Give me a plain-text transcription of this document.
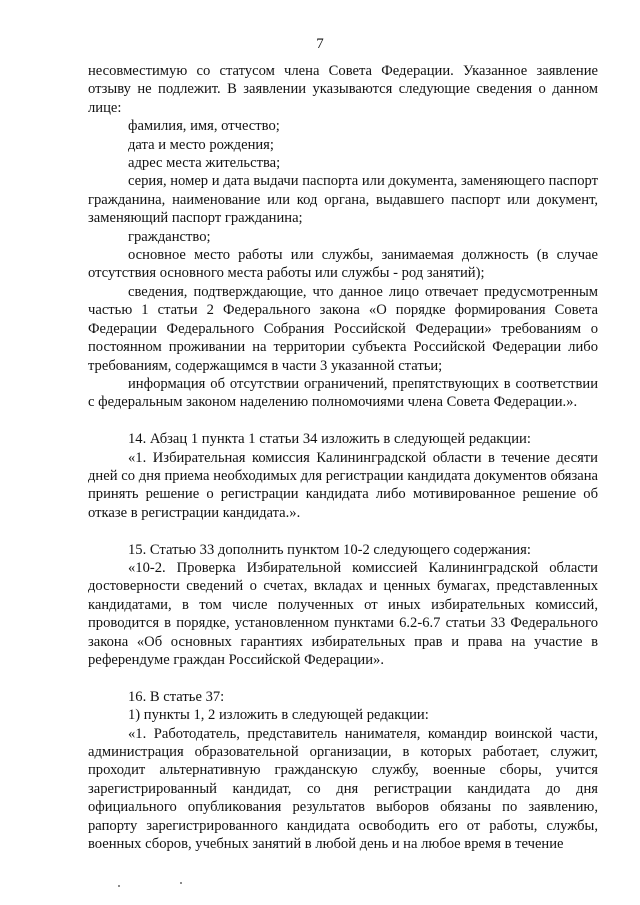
7

несовместимую со статусом члена Совета Федерации. Указанное заявление отзыву не подлежит. В заявлении указываются следующие сведения о данном лице:

фамилия, имя, отчество;

дата и место рождения;

адрес места жительства;

серия, номер и дата выдачи паспорта или документа, заменяющего паспорт гражданина, наименование или код органа, выдавшего паспорт или документ, заменяющий паспорт гражданина;

гражданство;

основное место работы или службы, занимаемая должность (в случае отсутствия основного места работы или службы - род занятий);

сведения, подтверждающие, что данное лицо отвечает предусмотренным частью 1 статьи 2 Федерального закона «О порядке формирования Совета Федерации Федерального Собрания Российской Федерации» требованиям о постоянном проживании на территории субъекта Российской Федерации либо требованиям, содержащимся в части 3 указанной статьи;

информация об отсутствии ограничений, препятствующих в соответствии с федеральным законом наделению полномочиями члена Совета Федерации.».

14. Абзац 1 пункта 1 статьи 34 изложить в следующей редакции:

«1. Избирательная комиссия Калининградской области в течение десяти дней со дня приема необходимых для регистрации кандидата документов обязана принять решение о регистрации кандидата либо мотивированное решение об отказе в регистрации кандидата.».

15. Статью 33 дополнить пунктом 10-2 следующего содержания:

«10-2. Проверка Избирательной комиссией Калининградской области достоверности сведений о счетах, вкладах и ценных бумагах, представленных кандидатами, в том числе полученных от иных избирательных комиссий, проводится в порядке, установленном пунктами 6.2-6.7 статьи 33 Федерального закона «Об основных гарантиях избирательных прав и права на участие в референдуме граждан Российской Федерации».

16. В статье 37:

1) пункты 1, 2 изложить в следующей редакции:

«1. Работодатель, представитель нанимателя, командир воинской части, администрация образовательной организации, в которых работает, служит, проходит альтернативную гражданскую службу, военные сборы, учится зарегистрированный кандидат, со дня регистрации кандидата до дня официального опубликования результатов выборов обязаны по заявлению, рапорту зарегистрированного кандидата освободить его от работы, службы, военных сборов, учебных занятий в любой день и на любое время в течение
